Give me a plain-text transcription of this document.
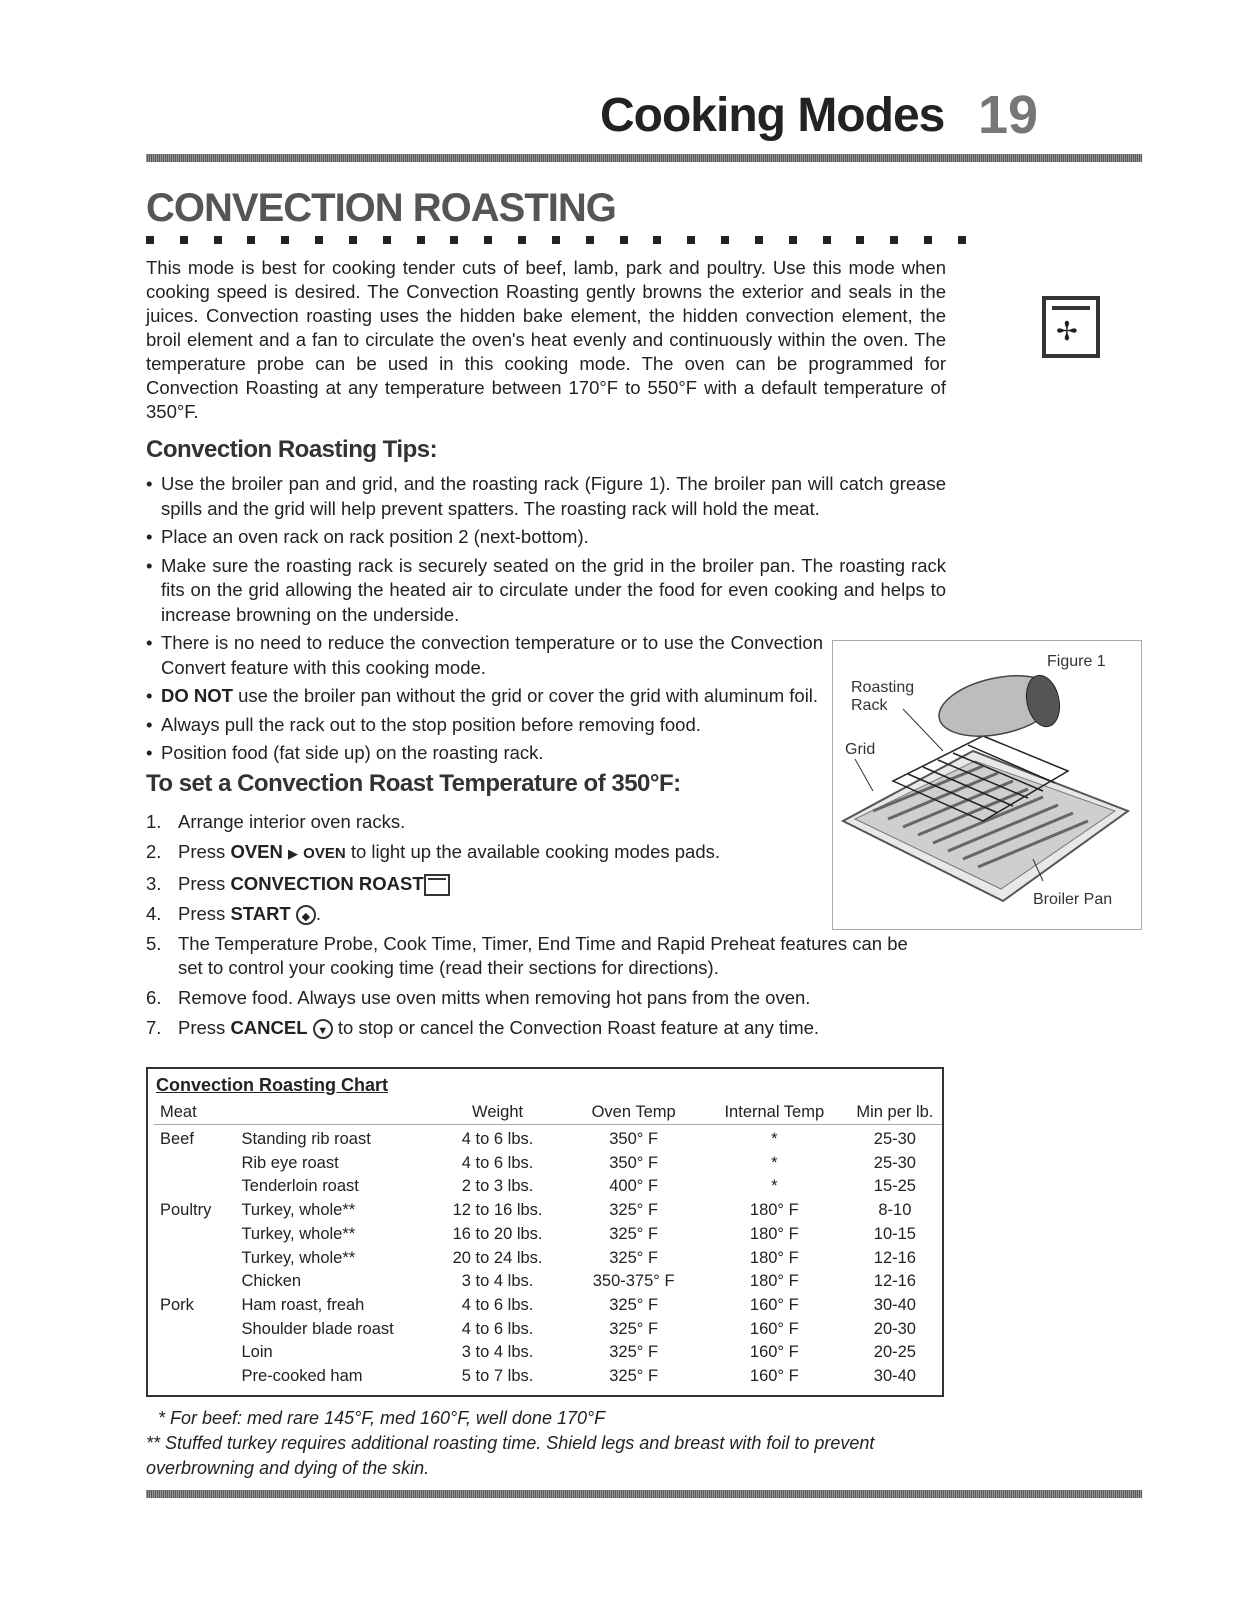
Cooking Modes 19
CONVECTION ROASTING
This mode is best for cooking tender cuts of beef, lamb, park and poultry. Use this mode when cooking speed is desired. The Convection Roasting gently browns the exterior and seals in the juices. Convection roasting uses the hidden bake element, the hidden convection element, the broil element and a fan to circulate the oven's heat evenly and continuously within the oven. The temperature probe can be used in this cooking mode. The oven can be programmed for Convection Roasting at any temperature between 170°F to 550°F with a default temperature of 350°F.
✢
Convection Roasting Tips:
• Use the broiler pan and grid, and the roasting rack (Figure 1). The broiler pan will catch grease spills and the grid will help prevent spatters. The roasting rack will hold the meat.
• Place an oven rack on rack position 2 (next-bottom).
• Make sure the roasting rack is securely seated on the grid in the broiler pan. The roasting rack fits on the grid allowing the heated air to circulate under the food for even cooking and helps to increase browning on the underside.
• There is no need to reduce the convection temperature or to use the Convection Convert feature with this cooking mode.
• DO NOT use the broiler pan without the grid or cover the grid with aluminum foil.
• Always pull the rack out to the stop position before removing food.
• Position food (fat side up) on the roasting rack.
Figure 1
Roasting
Rack
Grid
Broiler Pan
To set a Convection Roast Temperature of 350°F:
1. Arrange interior oven racks.
2. Press OVEN ▶ OVEN to light up the available cooking modes pads.
3. Press CONVECTION ROAST
4. Press START ◆ .
5. The Temperature Probe, Cook Time, Timer, End Time and Rapid Preheat features can be set to control your cooking time (read their sections for directions).
6. Remove food. Always use oven mitts when removing hot pans from the oven.
7. Press CANCEL ▼ to stop or cancel the Convection Roast feature at any time.
Convection Roasting Chart
Meat		Weight	Oven Temp	Internal Temp	Min per lb.
Beef	Standing rib roast	4 to 6 lbs.	350° F	*	25-30
	Rib eye roast	4 to 6 lbs.	350° F	*	25-30
	Tenderloin roast	2 to 3 lbs.	400° F	*	15-25
Poultry	Turkey, whole**	12 to 16 lbs.	325° F	180° F	8-10
	Turkey, whole**	16 to 20 lbs.	325° F	180° F	10-15
	Turkey, whole**	20 to 24 lbs.	325° F	180° F	12-16
	Chicken	3 to 4 lbs.	350-375° F	180° F	12-16
Pork	Ham roast, freah	4 to 6 lbs.	325° F	160° F	30-40
	Shoulder blade roast	4 to 6 lbs.	325° F	160° F	20-30
	Loin	3 to 4 lbs.	325° F	160° F	20-25
	Pre-cooked ham	5 to 7 lbs.	325° F	160° F	30-40
* For beef: med rare 145°F, med 160°F, well done 170°F
** Stuffed turkey requires additional roasting time. Shield legs and breast with foil to prevent overbrowning and dying of the skin.
